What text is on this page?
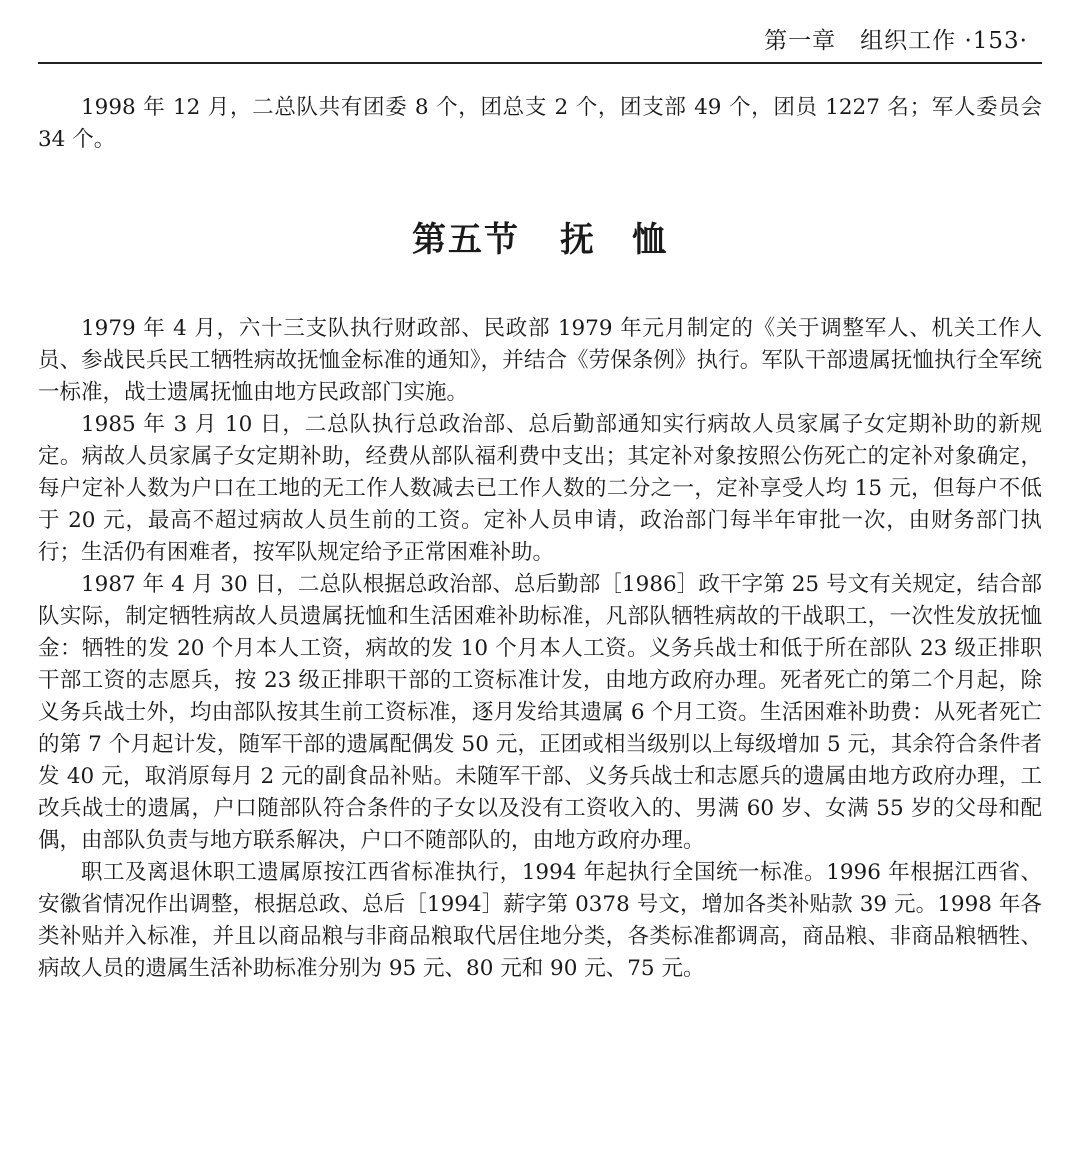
第一章　组织工作 ·153·

1998 年 12 月，二总队共有团委 8 个，团总支 2 个，团支部 49 个，团员 1227 名；军人委员会 34 个。

第五节 抚　恤

1979 年 4 月，六十三支队执行财政部、民政部 1979 年元月制定的《关于调整军人、机关工作人员、参战民兵民工牺牲病故抚恤金标准的通知》，并结合《劳保条例》执行。军队干部遗属抚恤执行全军统一标准，战士遗属抚恤由地方民政部门实施。

1985 年 3 月 10 日，二总队执行总政治部、总后勤部通知实行病故人员家属子女定期补助的新规定。病故人员家属子女定期补助，经费从部队福利费中支出；其定补对象按照公伤死亡的定补对象确定，每户定补人数为户口在工地的无工作人数减去已工作人数的二分之一，定补享受人均 15 元，但每户不低于 20 元，最高不超过病故人员生前的工资。定补人员申请，政治部门每半年审批一次，由财务部门执行；生活仍有困难者，按军队规定给予正常困难补助。

1987 年 4 月 30 日，二总队根据总政治部、总后勤部［1986］政干字第 25 号文有关规定，结合部队实际，制定牺牲病故人员遗属抚恤和生活困难补助标准，凡部队牺牲病故的干战职工，一次性发放抚恤金：牺牲的发 20 个月本人工资，病故的发 10 个月本人工资。义务兵战士和低于所在部队 23 级正排职干部工资的志愿兵，按 23 级正排职干部的工资标准计发，由地方政府办理。死者死亡的第二个月起，除义务兵战士外，均由部队按其生前工资标准，逐月发给其遗属 6 个月工资。生活困难补助费：从死者死亡的第 7 个月起计发，随军干部的遗属配偶发 50 元，正团或相当级别以上每级增加 5 元，其余符合条件者发 40 元，取消原每月 2 元的副食品补贴。未随军干部、义务兵战士和志愿兵的遗属由地方政府办理，工改兵战士的遗属，户口随部队符合条件的子女以及没有工资收入的、男满 60 岁、女满 55 岁的父母和配偶，由部队负责与地方联系解决，户口不随部队的，由地方政府办理。

职工及离退休职工遗属原按江西省标准执行，1994 年起执行全国统一标准。1996 年根据江西省、安徽省情况作出调整，根据总政、总后［1994］薪字第 0378 号文，增加各类补贴款 39 元。1998 年各类补贴并入标准，并且以商品粮与非商品粮取代居住地分类，各类标准都调高，商品粮、非商品粮牺牲、病故人员的遗属生活补助标准分别为 95 元、80 元和 90 元、75 元。
